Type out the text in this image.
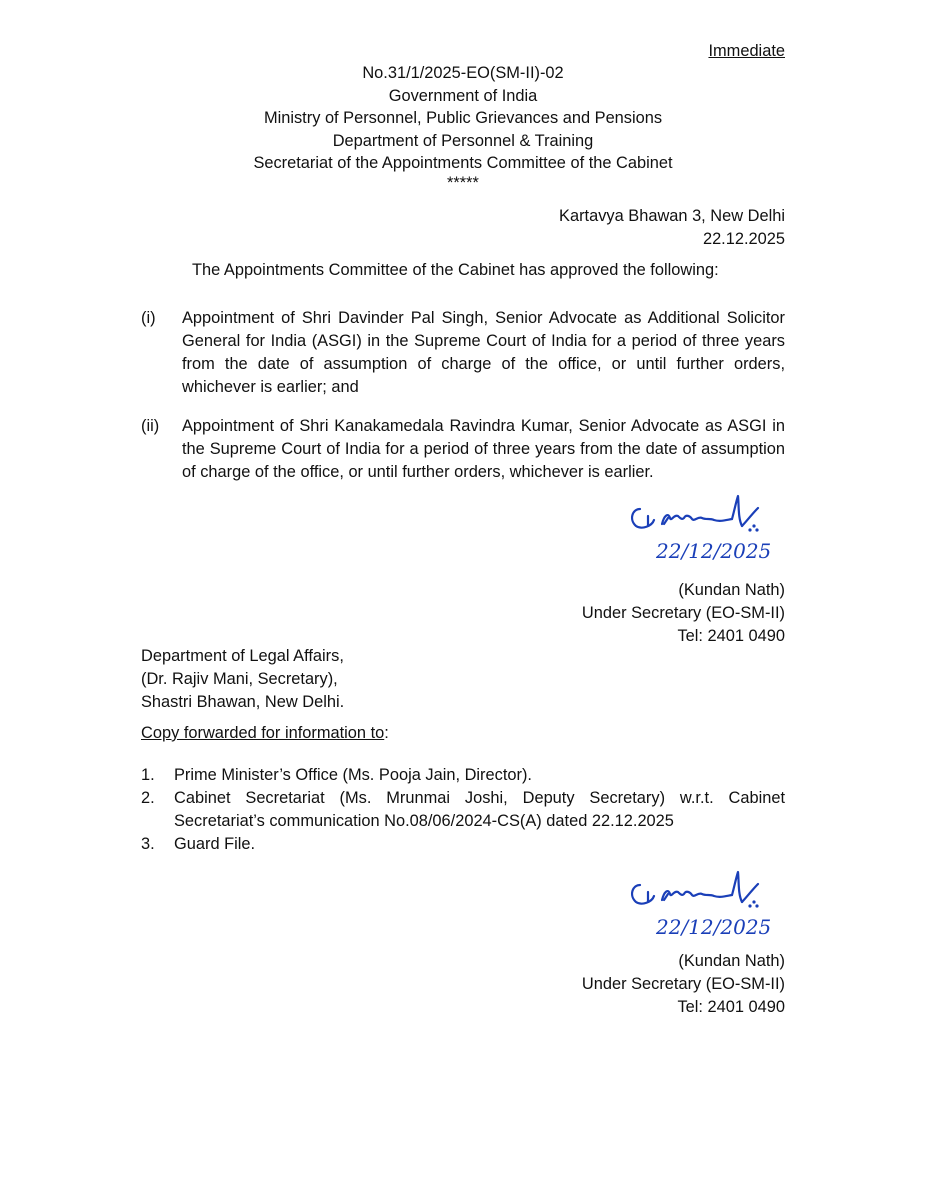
Immediate
No.31/1/2025-EO(SM-II)-02
Government of India
Ministry of Personnel, Public Grievances and Pensions
Department of Personnel & Training
Secretariat of the Appointments Committee of the Cabinet
*****
Kartavya Bhawan 3, New Delhi
22.12.2025
The Appointments Committee of the Cabinet has approved the following:
(i) Appointment of Shri Davinder Pal Singh, Senior Advocate as Additional Solicitor General for India (ASGI) in the Supreme Court of India for a period of three years from the date of assumption of charge of the office, or until further orders, whichever is earlier; and
(ii) Appointment of Shri Kanakamedala Ravindra Kumar, Senior Advocate as ASGI in the Supreme Court of India for a period of three years from the date of assumption of charge of the office, or until further orders, whichever is earlier.
22/12/2025
(Kundan Nath)
Under Secretary (EO-SM-II)
Tel: 2401 0490
Department of Legal Affairs,
(Dr. Rajiv Mani, Secretary),
Shastri Bhawan, New Delhi.
Copy forwarded for information to:
1. Prime Minister’s Office (Ms. Pooja Jain, Director).
2. Cabinet Secretariat (Ms. Mrunmai Joshi, Deputy Secretary) w.r.t. Cabinet Secretariat’s communication No.08/06/2024-CS(A) dated 22.12.2025
3. Guard File.
22/12/2025
(Kundan Nath)
Under Secretary (EO-SM-II)
Tel: 2401 0490
